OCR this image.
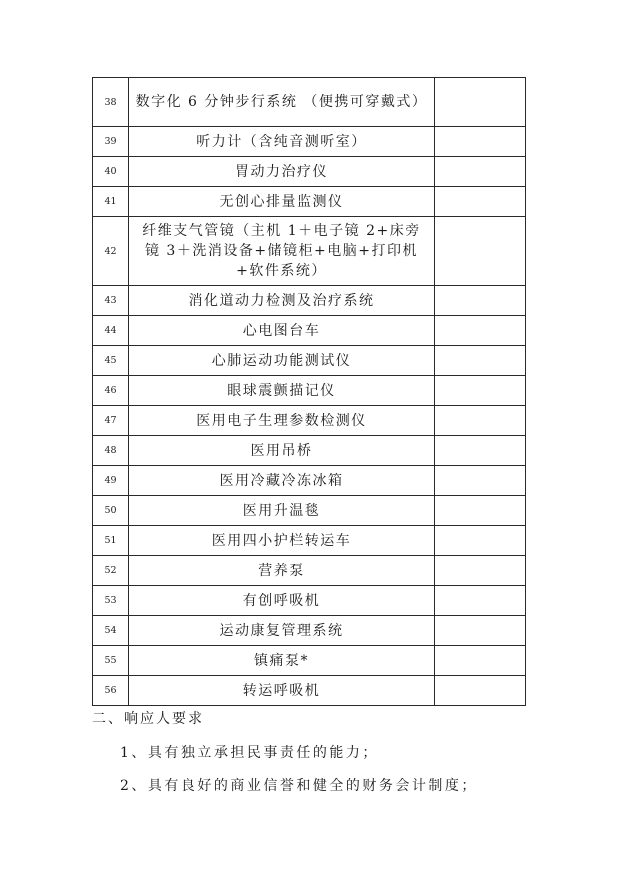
38	数字化 6 分钟步行系统 （便携可穿戴式）	
39	听力计（含纯音测听室）	
40	胃动力治疗仪	
41	无创心排量监测仪	
42	纤维支气管镜（主机 1＋电子镜 2+床旁镜 3＋洗消设备+储镜柜+电脑+打印机+软件系统）	
43	消化道动力检测及治疗系统	
44	心电图台车	
45	心肺运动功能测试仪	
46	眼球震颤描记仪	
47	医用电子生理参数检测仪	
48	医用吊桥	
49	医用冷藏冷冻冰箱	
50	医用升温毯	
51	医用四小护栏转运车	
52	营养泵	
53	有创呼吸机	
54	运动康复管理系统	
55	镇痛泵*	
56	转运呼吸机	
二、响应人要求

1、具有独立承担民事责任的能力；

2、具有良好的商业信誉和健全的财务会计制度；
